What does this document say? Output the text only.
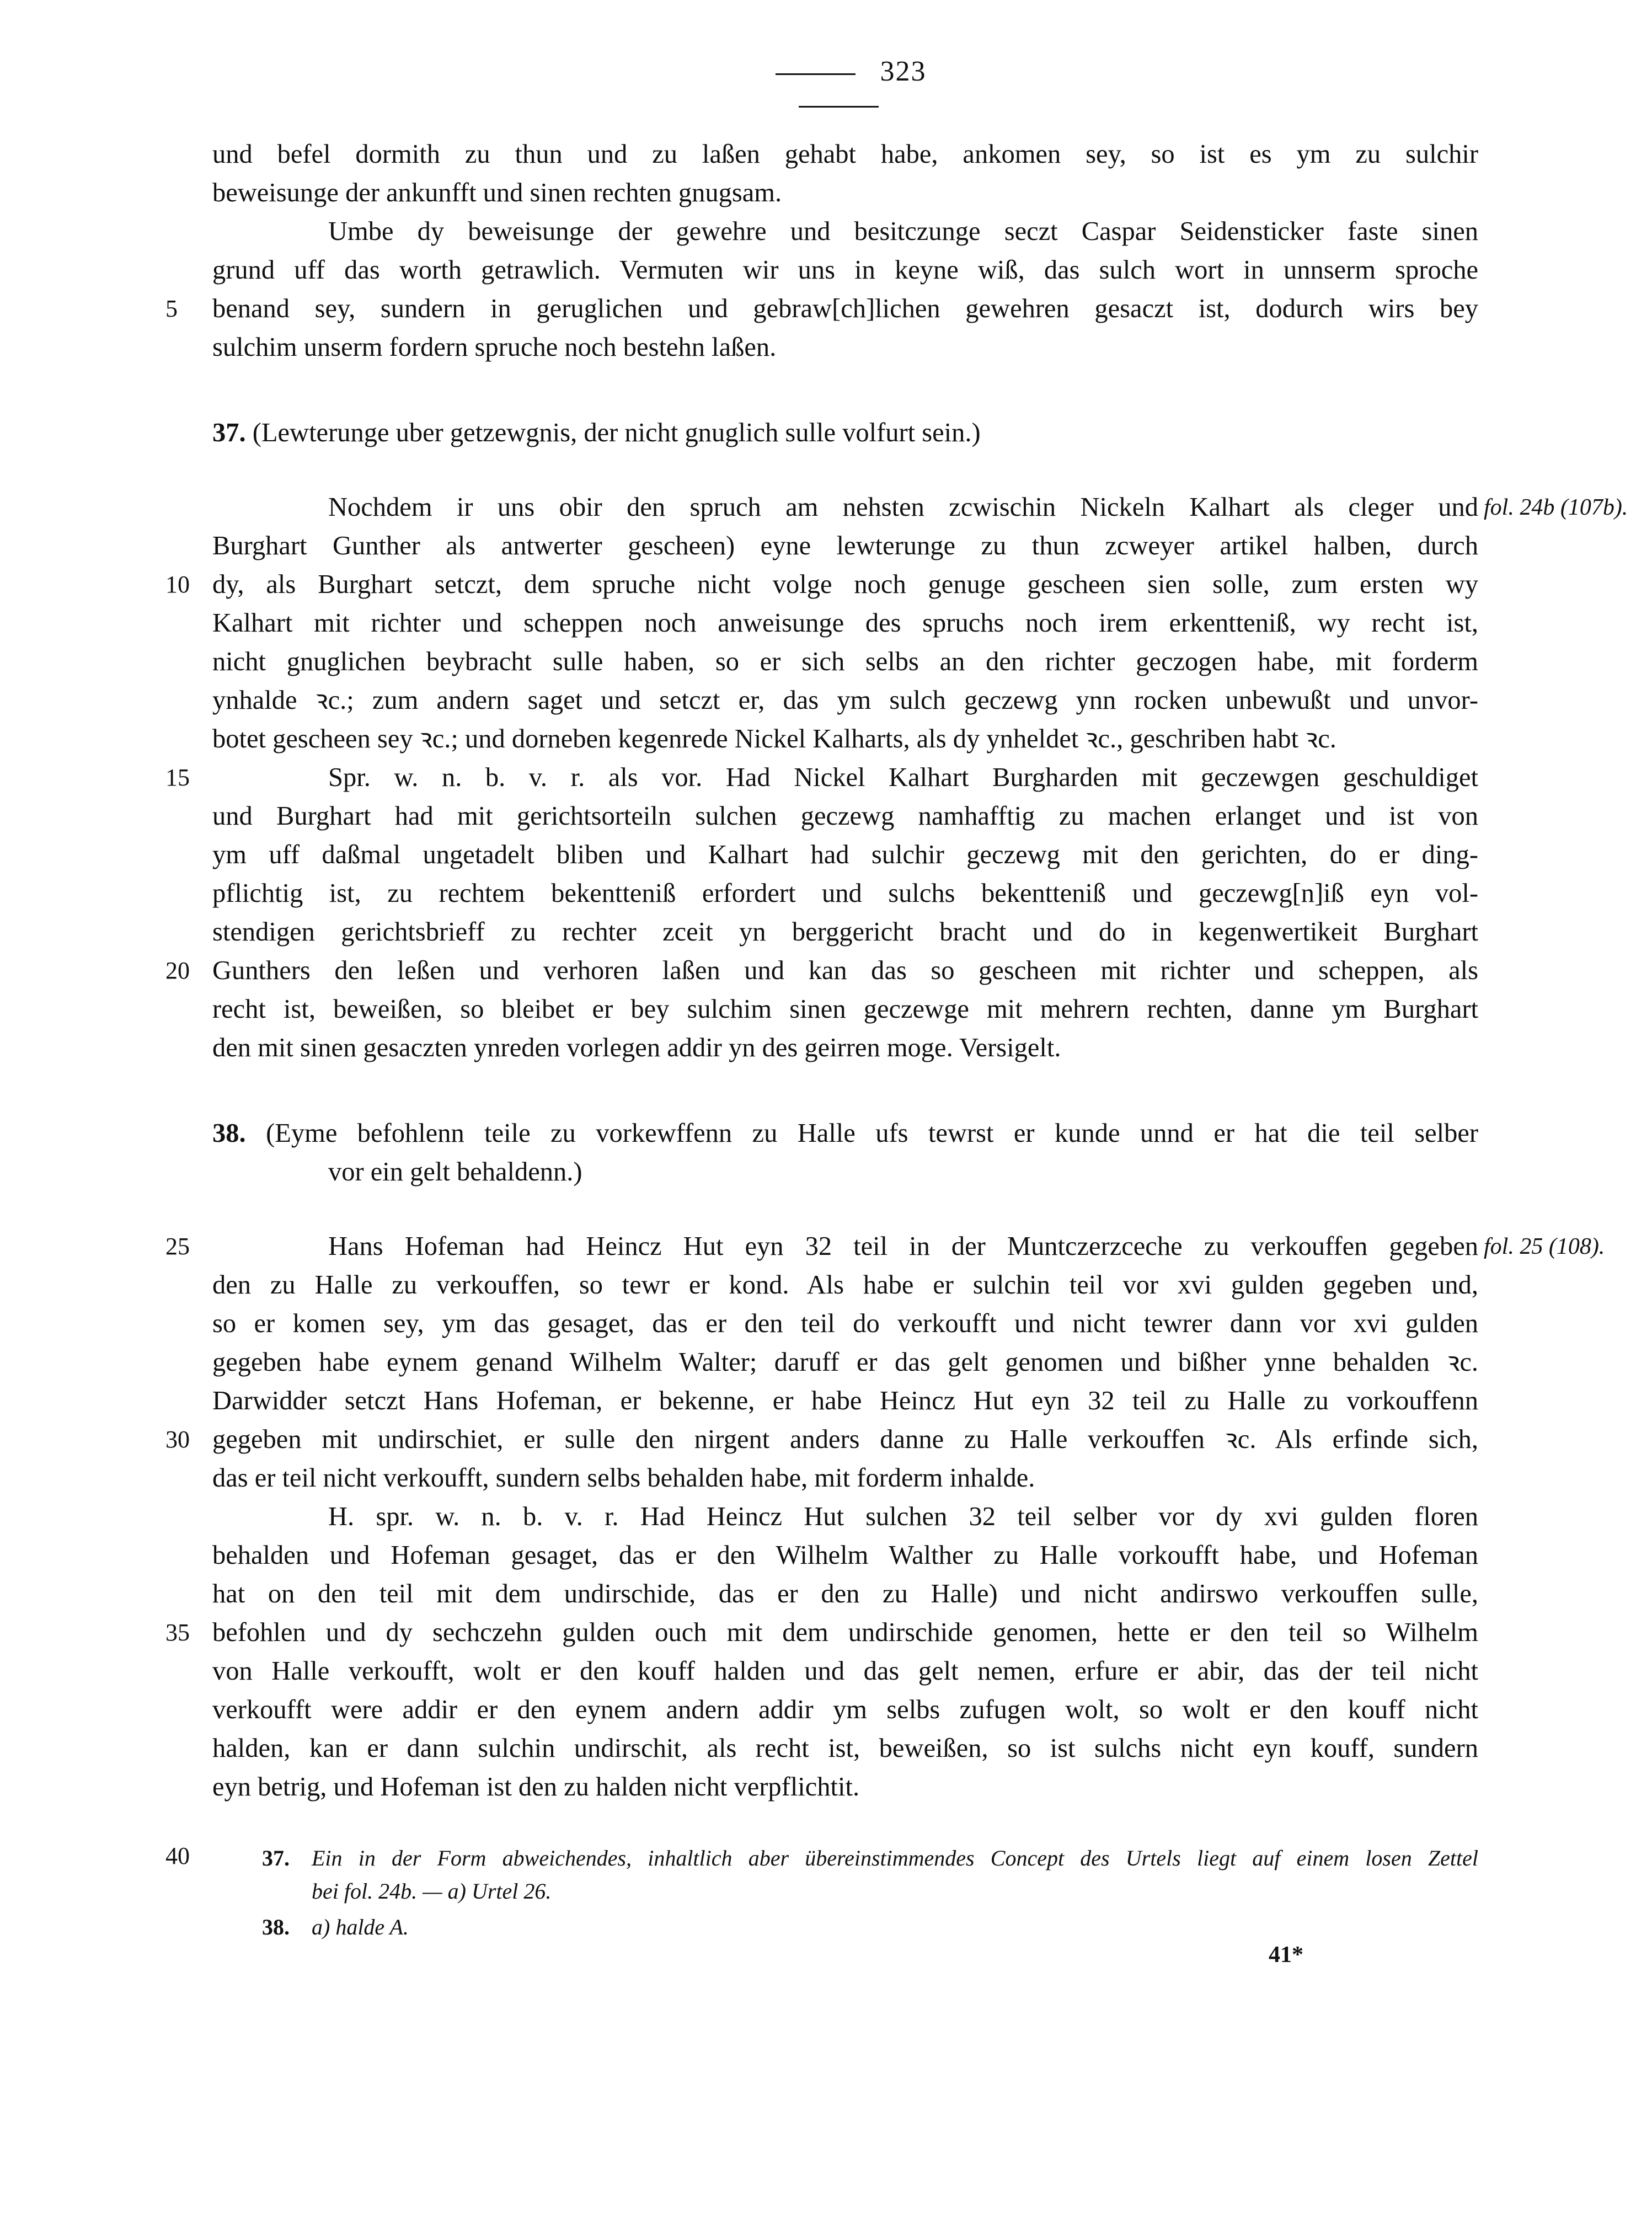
323
und befel dormith zu thun und zu laßen gehabt habe, ankomen sey, so ist es ym zu sulchir
beweisunge der ankunfft und sinen rechten gnugsam.
Umbe dy beweisunge der gewehre und besitczunge seczt Caspar Seidensticker faste sinen
grund uff das worth getrawlich. Vermuten wir uns in keyne wiß, das sulch wort in unnserm sproche
5	benand sey, sundern in geruglichen und gebraw[ch]lichen gewehren gesaczt ist, dodurch wirs bey
sulchim unserm fordern spruche noch bestehn laßen.
37. (Lewterunge uber getzewgnis, der nicht gnuglich sulle volfurt sein.)
Nochdem ir uns obir den spruch am nehsten zcwischin Nickeln Kalhart als cleger und fol. 24b (107b).
Burghart Gunther als antwerter gescheen) eyne lewterunge zu thun zcweyer artikel halben, durch
10 dy, als Burghart setczt, dem spruche nicht volge noch genuge gescheen sien solle, zum ersten wy
Kalhart mit richter und scheppen noch anweisunge des spruchs noch irem erkentteniß, wy recht ist,
nicht gnuglichen beybracht sulle haben, so er sich selbs an den richter geczogen habe, mit forderm
ynhalde ꝛc.; zum andern saget und setczt er, das ym sulch geczewg ynn rocken unbewußt und unvor-
botet gescheen sey ꝛc.; und dorneben kegenrede Nickel Kalharts, als dy ynheldet ꝛc., geschriben habt ꝛc.
15	Spr. w. n. b. v. r. als vor. Had Nickel Kalhart Burgharden mit geczewgen geschuldiget
und Burghart had mit gerichtsorteiln sulchen geczewg namhafftig zu machen erlanget und ist von
ym uff daßmal ungetadelt bliben und Kalhart had sulchir geczewg mit den gerichten, do er ding-
pflichtig ist, zu rechtem bekentteniß erfordert und sulchs bekentteniß und geczewg[n]iß eyn vol-
stendigen gerichtsbrieff zu rechter zceit yn berggericht bracht und do in kegenwertikeit Burghart
20 Gunthers den leßen und verhoren laßen und kan das so gescheen mit richter und scheppen, als
recht ist, beweißen, so bleibet er bey sulchim sinen geczewge mit mehrern rechten, danne ym Burghart
den mit sinen gesaczten ynreden vorlegen addir yn des geirren moge. Versigelt.
38. (Eyme befohlenn teile zu vorkewffenn zu Halle ufs tewrst er kunde unnd er hat die teil selber
vor ein gelt behaldenn.)
25	Hans Hofeman had Heincz Hut eyn 32 teil in der Muntczerzceche zu verkouffen gegeben fol. 25 (108).
den zu Halle zu verkouffen, so tewr er kond. Als habe er sulchin teil vor xvi gulden gegeben und,
so er komen sey, ym das gesaget, das er den teil do verkoufft und nicht tewrer dann vor xvi gulden
gegeben habe eynem genand Wilhelm Walter; daruff er das gelt genomen und bißher ynne behalden ꝛc.
Darwidder setczt Hans Hofeman, er bekenne, er habe Heincz Hut eyn 32 teil zu Halle zu vorkouffenn
30 gegeben mit undirschiet, er sulle den nirgent anders danne zu Halle verkouffen ꝛc. Als erfinde sich,
das er teil nicht verkoufft, sundern selbs behalden habe, mit forderm inhalde.
H. spr. w. n. b. v. r. Had Heincz Hut sulchen 32 teil selber vor dy xvi gulden floren
behalden und Hofeman gesaget, das er den Wilhelm Walther zu Halle vorkoufft habe, und Hofeman
hat on den teil mit dem undirschide, das er den zu Halle) und nicht andirswo verkouffen sulle,
35 befohlen und dy sechczehn gulden ouch mit dem undirschide genomen, hette er den teil so Wilhelm
von Halle verkoufft, wolt er den kouff halden und das gelt nemen, erfure er abir, das der teil nicht
verkoufft were addir er den eynem andern addir ym selbs zufugen wolt, so wolt er den kouff nicht
halden, kan er dann sulchin undirschit, als recht ist, beweißen, so ist sulchs nicht eyn kouff, sundern
eyn betrig, und Hofeman ist den zu halden nicht verpflichtit.
40	37. Ein in der Form abweichendes, inhaltlich aber übereinstimmendes Concept des Urtels liegt auf einem losen Zettel
bei fol. 24b. — a) Urtel 26.
38. a) halde A.
41*
